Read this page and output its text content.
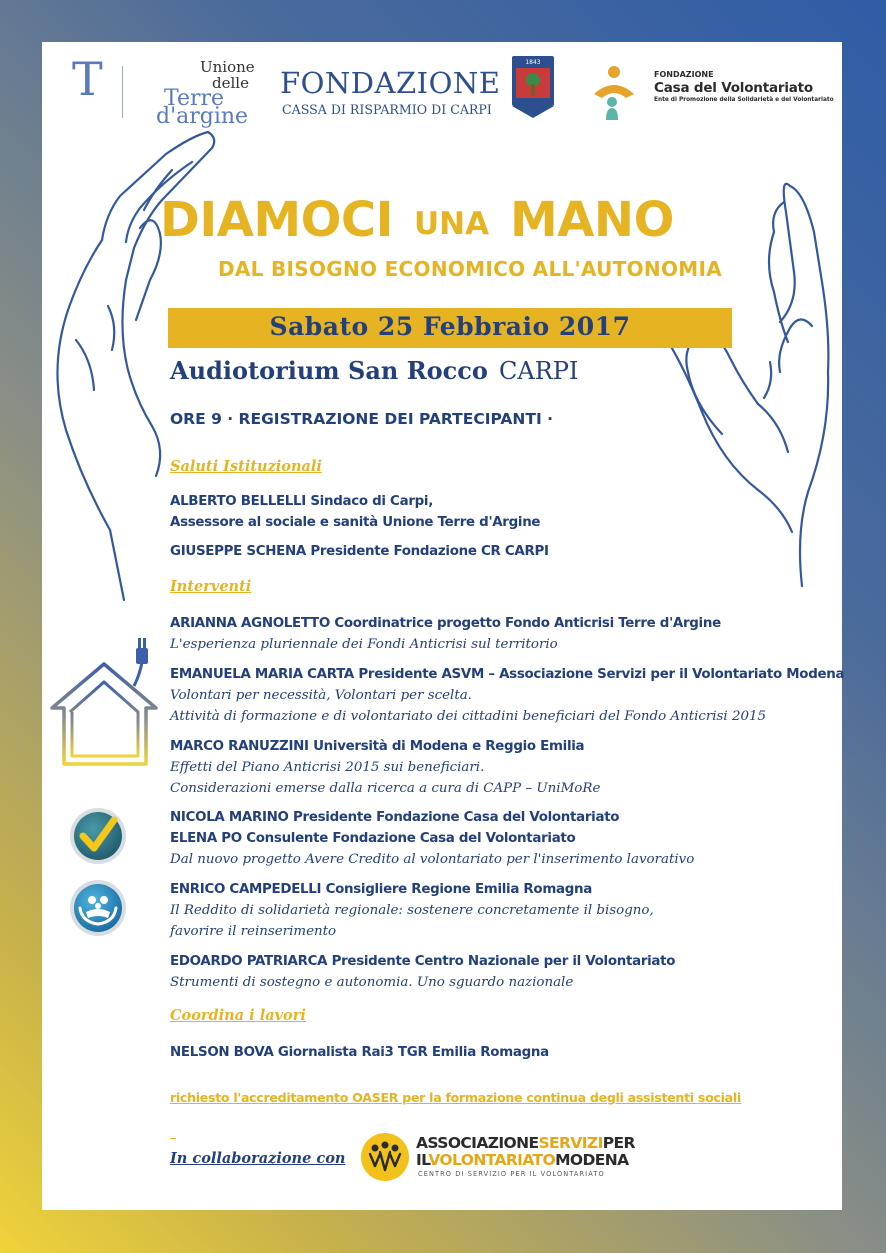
T	Unione
delle
Terre
d'argine
FONDAZIONE
CASSA DI RISPARMIO DI CARPI
1843
FONDAZIONE
Casa del Volontariato
Ente di Promozione della Solidarietà e del Volontariato
DIAMOCI UNA MANO
DAL BISOGNO ECONOMICO ALL'AUTONOMIA
Sabato 25 Febbraio 2017
Audiotorium San Rocco CARPI
ORE 9 · REGISTRAZIONE DEI PARTECIPANTI ·
Saluti Istituzionali
ALBERTO BELLELLI Sindaco di Carpi,
Assessore al sociale e sanità Unione Terre d'Argine
GIUSEPPE SCHENA Presidente Fondazione CR CARPI
Interventi
ARIANNA AGNOLETTO Coordinatrice progetto Fondo Anticrisi Terre d'Argine
L'esperienza pluriennale dei Fondi Anticrisi sul territorio
EMANUELA MARIA CARTA Presidente ASVM – Associazione Servizi per il Volontariato Modena
Volontari per necessità, Volontari per scelta.
Attività di formazione e di volontariato dei cittadini beneficiari del Fondo Anticrisi 2015
MARCO RANUZZINI Università di Modena e Reggio Emilia
Effetti del Piano Anticrisi 2015 sui beneficiari.
Considerazioni emerse dalla ricerca a cura di CAPP – UniMoRe
NICOLA MARINO Presidente Fondazione Casa del Volontariato
ELENA PO Consulente Fondazione Casa del Volontariato
Dal nuovo progetto Avere Credito al volontariato per l'inserimento lavorativo
ENRICO CAMPEDELLI Consigliere Regione Emilia Romagna
Il Reddito di solidarietà regionale: sostenere concretamente il bisogno,
favorire il reinserimento
EDOARDO PATRIARCA Presidente Centro Nazionale per il Volontariato
Strumenti di sostegno e autonomia. Uno sguardo nazionale
Coordina i lavori
NELSON BOVA Giornalista Rai3 TGR Emilia Romagna
richiesto l'accreditamento OASER per la formazione continua degli assistenti sociali
In collaborazione con
ASSOCIAZIONESERVIZIPER
ILVOLONTARIATOMODENA
CENTRO DI SERVIZIO PER IL VOLONTARIATO
